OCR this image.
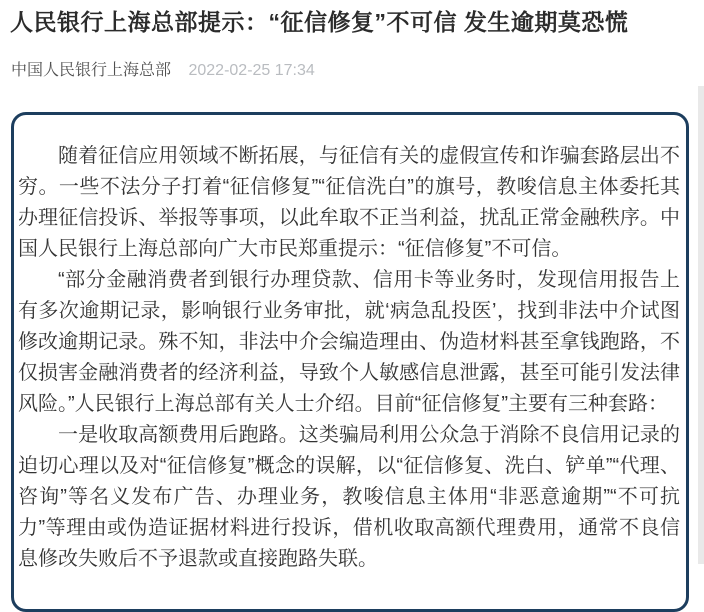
人民银行上海总部提示：“征信修复”不可信 发生逾期莫恐慌
中国人民银行上海总部 2022-02-25 17:34

随着征信应用领域不断拓展，与征信有关的虚假宣传和诈骗套路层出不穷。一些不法分子打着“征信修复”“征信洗白”的旗号，教唆信息主体委托其办理征信投诉、举报等事项，以此牟取不正当利益，扰乱正常金融秩序。中国人民银行上海总部向广大市民郑重提示：“征信修复”不可信。

“部分金融消费者到银行办理贷款、信用卡等业务时，发现信用报告上有多次逾期记录，影响银行业务审批，就‘病急乱投医’，找到非法中介试图修改逾期记录。殊不知，非法中介会编造理由、伪造材料甚至拿钱跑路，不仅损害金融消费者的经济利益，导致个人敏感信息泄露，甚至可能引发法律风险。”人民银行上海总部有关人士介绍。目前“征信修复”主要有三种套路：

一是收取高额费用后跑路。这类骗局利用公众急于消除不良信用记录的迫切心理以及对“征信修复”概念的误解，以“征信修复、洗白、铲单”“代理、咨询”等名义发布广告、办理业务，教唆信息主体用“非恶意逾期”“不可抗力”等理由或伪造证据材料进行投诉，借机收取高额代理费用，通常不良信息修改失败后不予退款或直接跑路失联。
